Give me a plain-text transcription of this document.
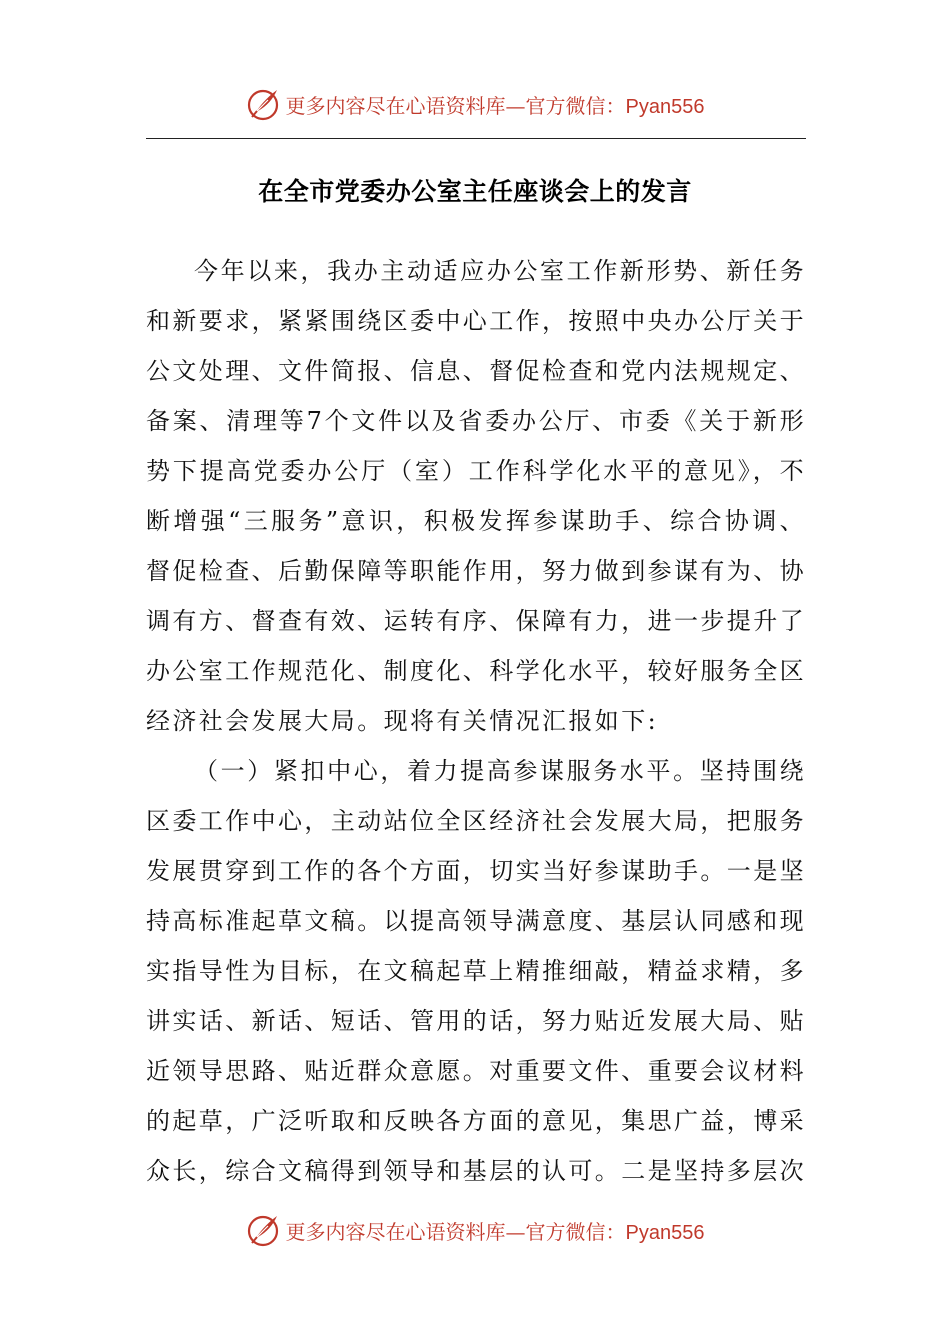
更多内容尽在心语资料库—官方微信：Pyan556
在全市党委办公室主任座谈会上的发言

今年以来，我办主动适应办公室工作新形势、新任务和新要求，紧紧围绕区委中心工作，按照中央办公厅关于公文处理、文件简报、信息、督促检查和党内法规规定、备案、清理等7个文件以及省委办公厅、市委《关于新形势下提高党委办公厅（室）工作科学化水平的意见》，不断增强“三服务”意识，积极发挥参谋助手、综合协调、督促检查、后勤保障等职能作用，努力做到参谋有为、协调有方、督查有效、运转有序、保障有力，进一步提升了办公室工作规范化、制度化、科学化水平，较好服务全区经济社会发展大局。现将有关情况汇报如下:

（一）紧扣中心，着力提高参谋服务水平。坚持围绕区委工作中心，主动站位全区经济社会发展大局，把服务发展贯穿到工作的各个方面，切实当好参谋助手。一是坚持高标准起草文稿。以提高领导满意度、基层认同感和现实指导性为目标，在文稿起草上精推细敲，精益求精，多讲实话、新话、短话、管用的话，努力贴近发展大局、贴近领导思路、贴近群众意愿。对重要文件、重要会议材料的起草，广泛听取和反映各方面的意见，集思广益，博采众长，综合文稿得到领导和基层的认可。二是坚持多层次

更多内容尽在心语资料库—官方微信：Pyan556
